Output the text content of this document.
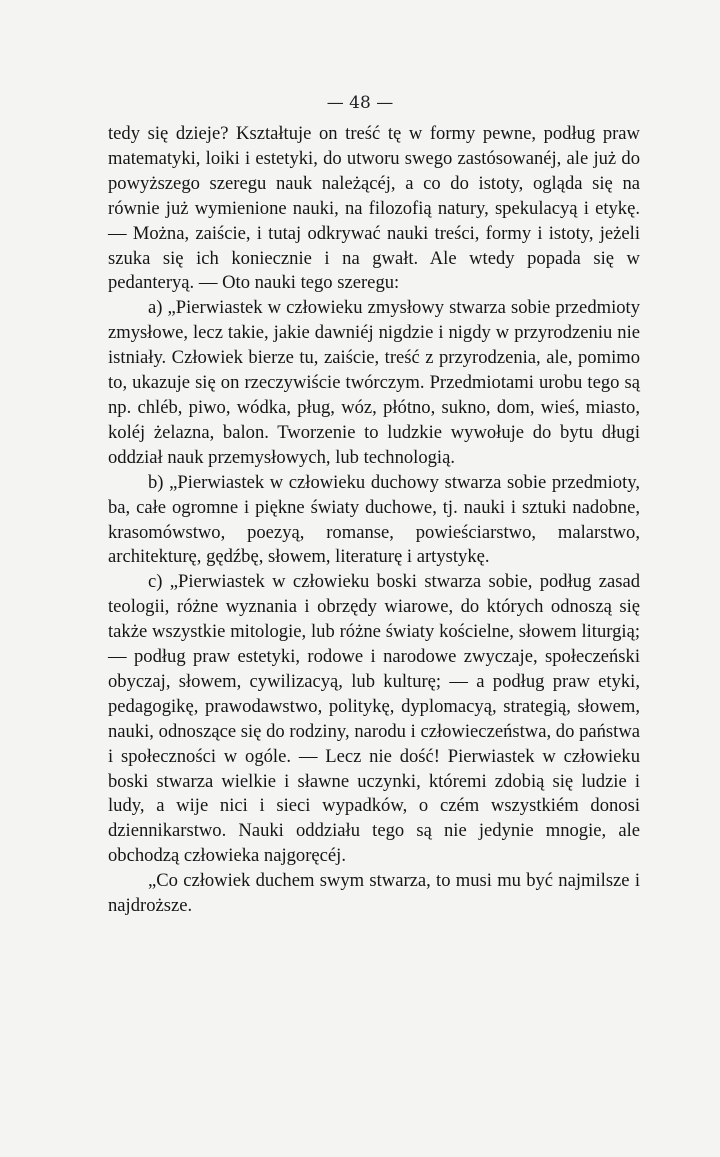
— 48 —

tedy się dzieje? Kształtuje on treść tę w formy pewne, podług praw matematyki, loiki i estetyki, do utworu swego zastósowanéj, ale już do powyższego szeregu nauk należącéj, a co do istoty, ogląda się na równie już wymienione nauki, na filozofią natury, spekulacyą i etykę. — Można, zaiście, i tutaj odkrywać nauki treści, formy i istoty, jeżeli szuka się ich koniecznie i na gwałt. Ale wtedy popada się w pedanteryą. — Oto nauki tego szeregu:

a) „Pierwiastek w człowieku zmysłowy stwarza sobie przedmioty zmysłowe, lecz takie, jakie dawniéj nigdzie i nigdy w przyrodzeniu nie istniały. Człowiek bierze tu, zaiście, treść z przyrodzenia, ale, pomimo to, ukazuje się on rzeczywiście twórczym. Przedmiotami urobu tego są np. chléb, piwo, wódka, pług, wóz, płótno, sukno, dom, wieś, miasto, koléj żelazna, balon. Tworzenie to ludzkie wywołuje do bytu długi oddział nauk przemysłowych, lub technologią.

b) „Pierwiastek w człowieku duchowy stwarza sobie przedmioty, ba, całe ogromne i piękne światy duchowe, tj. nauki i sztuki nadobne, krasomówstwo, poezyą, romanse, powieściarstwo, malarstwo, architekturę, gędźbę, słowem, literaturę i artystykę.

c) „Pierwiastek w człowieku boski stwarza sobie, podług zasad teologii, różne wyznania i obrzędy wiarowe, do których odnoszą się także wszystkie mitologie, lub różne światy kościelne, słowem liturgią; — podług praw estetyki, rodowe i narodowe zwyczaje, społeczeński obyczaj, słowem, cywilizacyą, lub kulturę; — a podług praw etyki, pedagogikę, prawodawstwo, politykę, dyplomacyą, strategią, słowem, nauki, odnoszące się do rodziny, narodu i człowieczeństwa, do państwa i społeczności w ogóle. — Lecz nie dość! Pierwiastek w człowieku boski stwarza wielkie i sławne uczynki, któremi zdobią się ludzie i ludy, a wije nici i sieci wypadków, o czém wszystkiém donosi dziennikarstwo. Nauki oddziału tego są nie jedynie mnogie, ale obchodzą człowieka najgoręcéj.

„Co człowiek duchem swym stwarza, to musi mu być najmilsze i najdroższe.
